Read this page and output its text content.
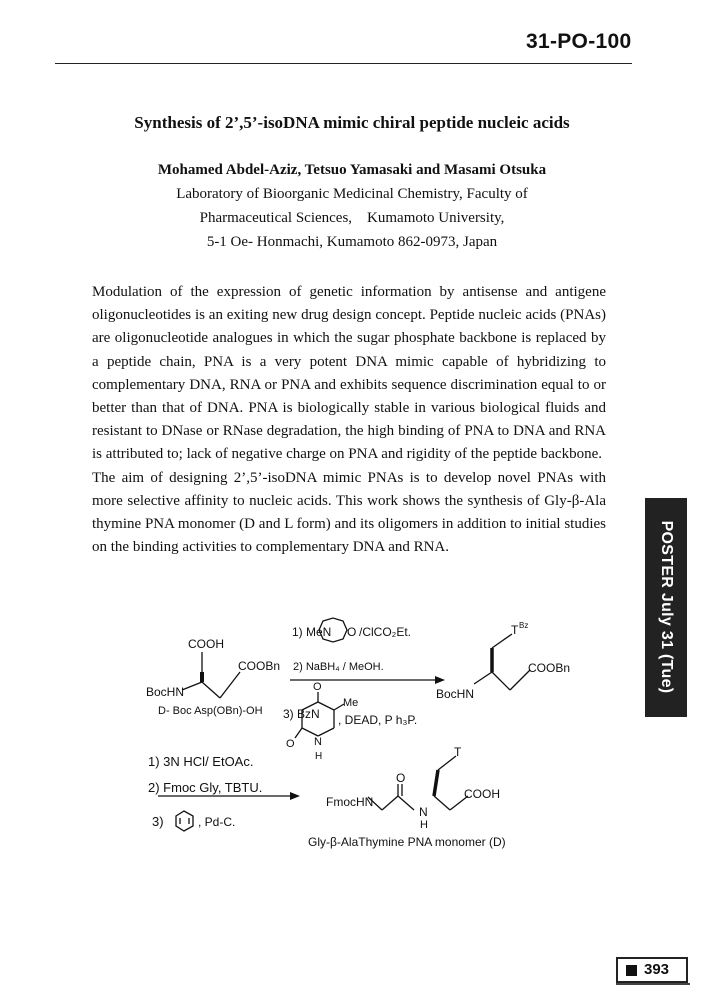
31-PO-100
Synthesis of 2’,5’-isoDNA mimic chiral peptide nucleic acids
Mohamed Abdel-Aziz, Tetsuo Yamasaki and Masami Otsuka
Laboratory of Bioorganic Medicinal Chemistry, Faculty of
Pharmaceutical Sciences,    Kumamoto University,
5-1 Oe- Honmachi, Kumamoto 862-0973, Japan

Modulation of the expression of genetic information by antisense and antigene oligonucleotides is an exiting new drug design concept. Peptide nucleic acids (PNAs) are oligonucleotide analogues in which the sugar phosphate backbone is replaced by a peptide chain, PNA is a very potent DNA mimic capable of hybridizing to complementary DNA, RNA or PNA and exhibits sequence discrimination equal to or better than that of DNA. PNA is biologically stable in various biological fluids and resistant to DNase or RNase degradation, the high binding of PNA to DNA and RNA is attributed to; lack of negative charge on PNA and rigidity of the peptide backbone.

The aim of designing 2’,5’-isoDNA mimic PNAs is to develop novel PNAs with more selective affinity to nucleic acids. This work shows the synthesis of Gly-β-Ala thymine PNA monomer (D and L form) and its oligomers in addition to initial studies on the binding activities to complementary DNA and RNA.	POSTER July 31 (Tue)
COOH
COOBn
BocHN
D- Boc Asp(OBn)-OH
1) MeN O /ClCO₂Et.
2) NaBH₄ / MeOH.
O
Me
3) BzN , DEAD, P h₃P.
O N
H
T Bz
COOBn
BocHN
1) 3N HCl/ EtOAc.
2) Fmoc Gly, TBTU.
3)	, Pd-C.
FmocHN
O
N
H
T
COOH
Gly-β-AlaThymine PNA monomer (D)
393
